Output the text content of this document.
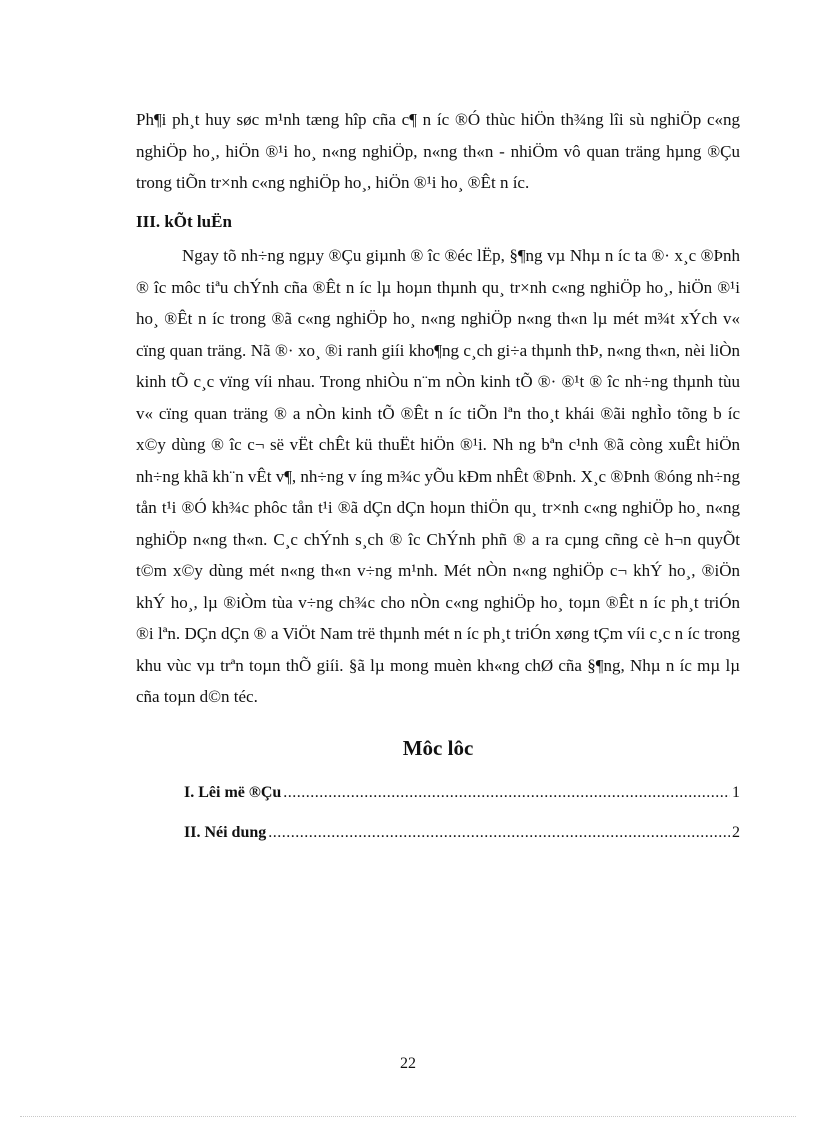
Ph¶i ph¸t huy søc m¹nh tæng hîp cña c¶ n íc ®Ó thùc hiÖn th¾ng lîi sù nghiÖp c«ng nghiÖp ho¸, hiÖn ®¹i ho¸ n«ng nghiÖp, n«ng th«n - nhiÖm vô quan träng hµng ®Çu trong tiÕn tr×nh c«ng nghiÖp ho¸, hiÖn ®¹i ho¸ ®Êt n íc.

III. kÕt luËn

Ngay tõ nh÷ng ngµy ®Çu giµnh ® îc ®éc lËp, §¶ng vµ Nhµ n íc ta ®· x¸c ®Þnh ® îc môc tiªu chÝnh cña ®Êt n íc lµ hoµn thµnh qu¸ tr×nh c«ng nghiÖp ho¸, hiÖn ®¹i ho¸ ®Êt n íc trong ®ã c«ng nghiÖp ho¸ n«ng nghiÖp n«ng th«n lµ mét m¾t xÝch v« cïng quan träng. Nã ®· xo¸ ®i ranh giíi kho¶ng c¸ch gi÷a thµnh thÞ, n«ng th«n, nèi liÒn kinh tÕ c¸c vïng víi nhau. Trong nhiÒu n¨m nÒn kinh tÕ ®· ®¹t ® îc nh÷ng thµnh tùu v« cïng quan träng ® a nÒn kinh tÕ ®Êt n íc tiÕn lªn tho¸t khái ®ãi nghÌo tõng b íc x©y dùng ® îc c¬ së vËt chÊt kü thuËt hiÖn ®¹i. Nh ng bªn c¹nh ®ã còng xuÊt hiÖn nh÷ng khã kh¨n vÊt v¶, nh÷ng v íng m¾c yÕu kÐm nhÊt ®Þnh. X¸c ®Þnh ®óng nh÷ng tån t¹i ®Ó kh¾c phôc tån t¹i ®ã dÇn dÇn hoµn thiÖn qu¸ tr×nh c«ng nghiÖp ho¸ n«ng nghiÖp n«ng th«n. C¸c chÝnh s¸ch ® îc ChÝnh phñ ® a ra cµng cñng cè h¬n quyÕt t©m x©y dùng mét n«ng th«n v÷ng m¹nh. Mét nÒn n«ng nghiÖp c¬ khÝ ho¸, ®iÖn khÝ ho¸, lµ ®iÒm tùa v÷ng ch¾c cho nÒn c«ng nghiÖp ho¸ toµn ®Êt n íc ph¸t triÓn ®i lªn. DÇn dÇn ® a ViÖt Nam trë thµnh mét n íc ph¸t triÓn xøng tÇm víi c¸c n íc trong khu vùc vµ trªn toµn thÕ giíi. §ã lµ mong muèn kh«ng chØ cña §¶ng, Nhµ n íc mµ lµ cña toµn d©n téc.

Môc lôc
I. Lêi më ®Çu .....	1
II. Néi dung .....	2
22
